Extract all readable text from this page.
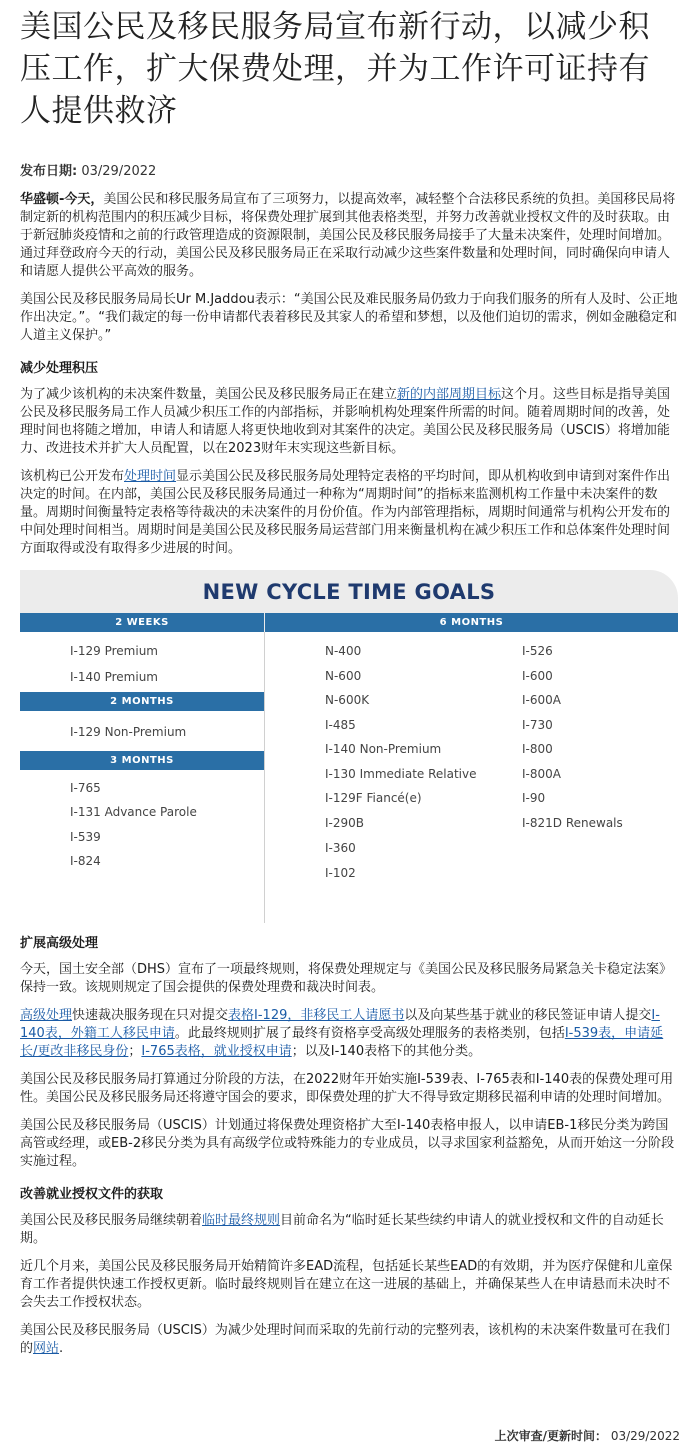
美国公民及移民服务局宣布新行动，以减少积压工作，扩大保费处理，并为工作许可证持有人提供救济
发布日期: 03/29/2022

华盛顿-今天，美国公民和移民服务局宣布了三项努力，以提高效率，减轻整个合法移民系统的负担。美国移民局将制定新的机构范围内的积压减少目标，将保费处理扩展到其他表格类型，并努力改善就业授权文件的及时获取。由于新冠肺炎疫情和之前的行政管理造成的资源限制，美国公民及移民服务局接手了大量未决案件，处理时间增加。通过拜登政府今天的行动，美国公民及移民服务局正在采取行动减少这些案件数量和处理时间，同时确保向申请人和请愿人提供公平高效的服务。

美国公民及移民服务局局长Ur M.Jaddou表示：“美国公民及难民服务局仍致力于向我们服务的所有人及时、公正地作出决定。”。“我们裁定的每一份申请都代表着移民及其家人的希望和梦想，以及他们迫切的需求，例如金融稳定和人道主义保护。”

减少处理积压

为了减少该机构的未决案件数量，美国公民及移民服务局正在建立新的内部周期目标这个月。这些目标是指导美国公民及移民服务局工作人员减少积压工作的内部指标，并影响机构处理案件所需的时间。随着周期时间的改善，处理时间也将随之增加，申请人和请愿人将更快地收到对其案件的决定。美国公民及移民服务局（USCIS）将增加能力、改进技术并扩大人员配置，以在2023财年末实现这些新目标。

该机构已公开发布处理时间显示美国公民及移民服务局处理特定表格的平均时间，即从机构收到申请到对案件作出决定的时间。在内部，美国公民及移民服务局通过一种称为“周期时间”的指标来监测机构工作量中未决案件的数量。周期时间衡量特定表格等待裁决的未决案件的月份价值。作为内部管理指标，周期时间通常与机构公开发布的中间处理时间相当。周期时间是美国公民及移民服务局运营部门用来衡量机构在减少积压工作和总体案件处理时间方面取得或没有取得多少进展的时间。

NEW CYCLE TIME GOALS
2 WEEKS	6 MONTHS
2 MONTHS
3 MONTHS
I-129 Premium
I-140 Premium
I-129 Non-Premium
I-765
I-131 Advance Parole
I-539
I-824
N-400
N-600
N-600K
I-485
I-140 Non-Premium
I-130 Immediate Relative
I-129F Fiancé(e)
I-290B
I-360
I-102
I-526
I-600
I-600A
I-730
I-800
I-800A
I-90
I-821D Renewals
扩展高级处理

今天，国土安全部（DHS）宣布了一项最终规则，将保费处理规定与《美国公民及移民服务局紧急关卡稳定法案》保持一致。该规则规定了国会提供的保费处理费和裁决时间表。

高级处理快速裁决服务现在只对提交表格I-129，非移民工人请愿书以及向某些基于就业的移民签证申请人提交I-140表，外籍工人移民申请。此最终规则扩展了最终有资格享受高级处理服务的表格类别，包括I-539表，申请延长/更改非移民身份；I-765表格，就业授权申请；以及I-140表格下的其他分类。

美国公民及移民服务局打算通过分阶段的方法，在2022财年开始实施I-539表、I-765表和I-140表的保费处理可用性。美国公民及移民服务局还将遵守国会的要求，即保费处理的扩大不得导致定期移民福利申请的处理时间增加。

美国公民及移民服务局（USCIS）计划通过将保费处理资格扩大至I-140表格申报人，以申请EB-1移民分类为跨国高管或经理，或EB-2移民分类为具有高级学位或特殊能力的专业成员，以寻求国家利益豁免，从而开始这一分阶段实施过程。

改善就业授权文件的获取

美国公民及移民服务局继续朝着临时最终规则目前命名为“临时延长某些续约申请人的就业授权和文件的自动延长期。

近几个月来，美国公民及移民服务局开始精简许多EAD流程，包括延长某些EAD的有效期，并为医疗保健和儿童保育工作者提供快速工作授权更新。临时最终规则旨在建立在这一进展的基础上，并确保某些人在申请悬而未决时不会失去工作授权状态。

美国公民及移民服务局（USCIS）为减少处理时间而采取的先前行动的完整列表，该机构的未决案件数量可在我们的网站.

上次审查/更新时间： 03/29/2022
